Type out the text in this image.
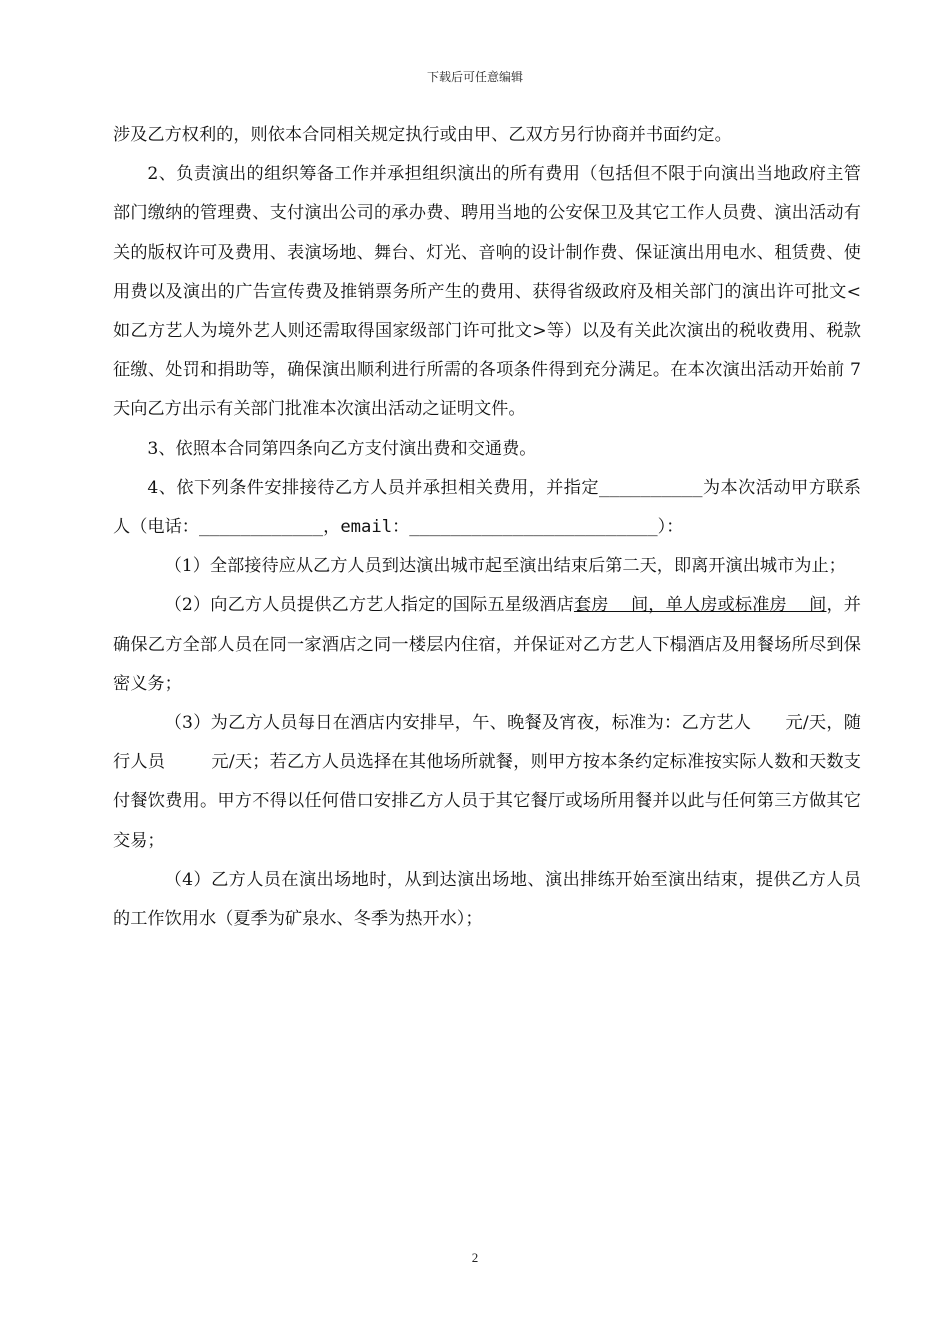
下载后可任意编辑

涉及乙方权利的，则依本合同相关规定执行或由甲、乙双方另行协商并书面约定。

2、负责演出的组织筹备工作并承担组织演出的所有费用（包括但不限于向演出当地政府主管部门缴纳的管理费、支付演出公司的承办费、聘用当地的公安保卫及其它工作人员费、演出活动有关的版权许可及费用、表演场地、舞台、灯光、音响的设计制作费、保证演出用电水、租赁费、使用费以及演出的广告宣传费及推销票务所产生的费用、获得省级政府及相关部门的演出许可批文<如乙方艺人为境外艺人则还需取得国家级部门许可批文>等）以及有关此次演出的税收费用、税款征缴、处罚和捐助等，确保演出顺利进行所需的各项条件得到充分满足。在本次演出活动开始前 7 天向乙方出示有关部门批准本次演出活动之证明文件。

3、依照本合同第四条向乙方支付演出费和交通费。

4、依下列条件安排接待乙方人员并承担相关费用，并指定__________为本次活动甲方联系人（电话：____________，email：________________________）：

（1）全部接待应从乙方人员到达演出城市起至演出结束后第二天，即离开演出城市为止；

（2）向乙方人员提供乙方艺人指定的国际五星级酒店套房    间，单人房或标准房    间，并确保乙方全部人员在同一家酒店之同一楼层内住宿，并保证对乙方艺人下榻酒店及用餐场所尽到保密义务；

（3）为乙方人员每日在酒店内安排早，午、晚餐及宵夜，标准为：乙方艺人 元/天，随行人员	元/天；若乙方人员选择在其他场所就餐，则甲方按本条约定标准按实际人数和天数支付餐饮费用。甲方不得以任何借口安排乙方人员于其它餐厅或场所用餐并以此与任何第三方做其它交易；

（4）乙方人员在演出场地时，从到达演出场地、演出排练开始至演出结束，提供乙方人员的工作饮用水（夏季为矿泉水、冬季为热开水）；

2
